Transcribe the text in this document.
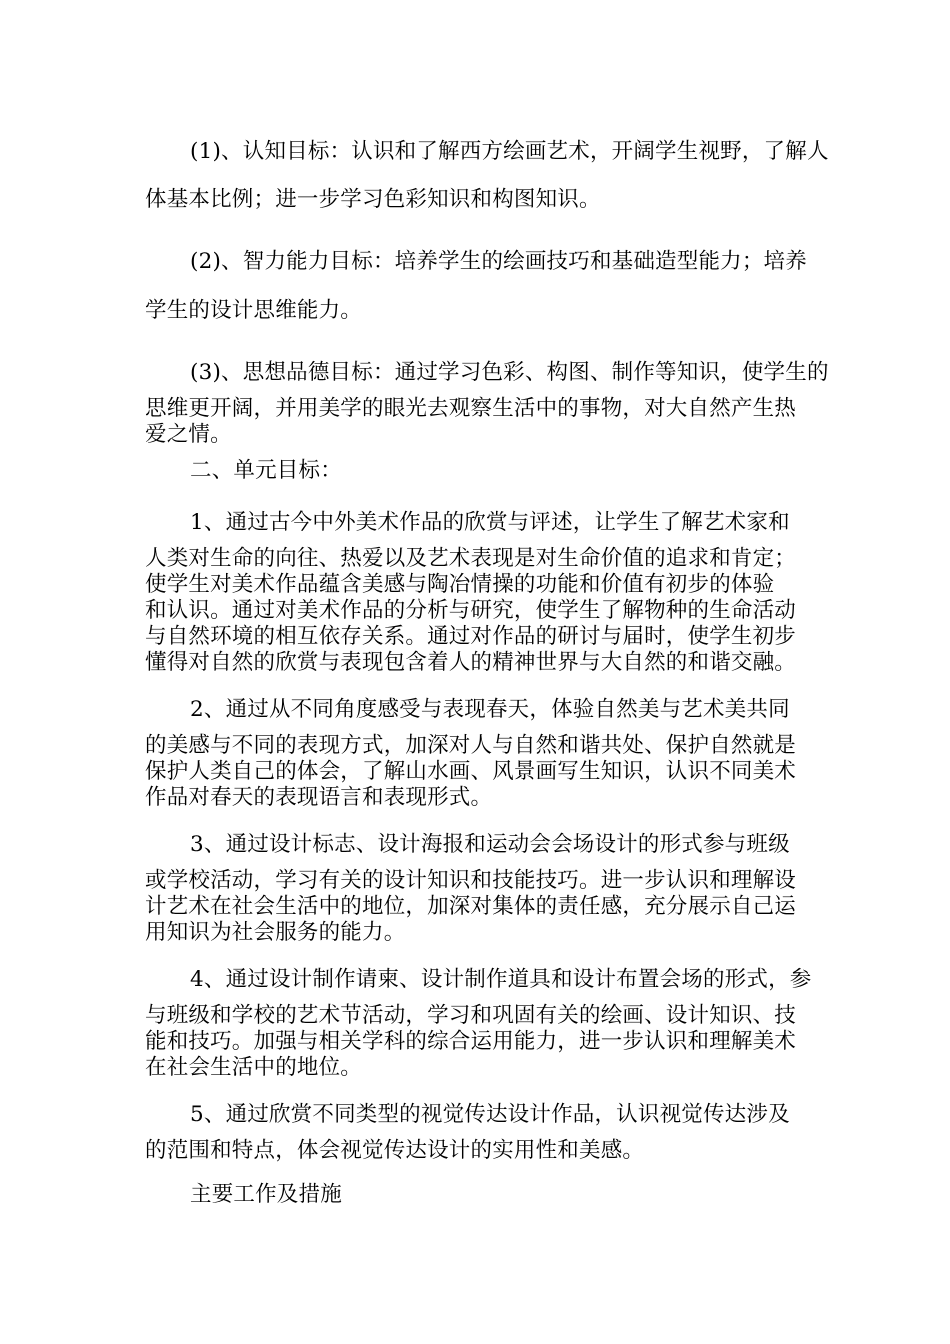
(1)、认知目标：认识和了解西方绘画艺术，开阔学生视野，了解人
体基本比例；进一步学习色彩知识和构图知识。
(2)、智力能力目标：培养学生的绘画技巧和基础造型能力；培养
学生的设计思维能力。
(3)、思想品德目标：通过学习色彩、构图、制作等知识，使学生的
思维更开阔，并用美学的眼光去观察生活中的事物，对大自然产生热
爱之情。
二、单元目标：
1、通过古今中外美术作品的欣赏与评述，让学生了解艺术家和
人类对生命的向往、热爱以及艺术表现是对生命价值的追求和肯定；
使学生对美术作品蕴含美感与陶冶情操的功能和价值有初步的体验
和认识。通过对美术作品的分析与研究，使学生了解物种的生命活动
与自然环境的相互依存关系。通过对作品的研讨与届时，使学生初步
懂得对自然的欣赏与表现包含着人的精神世界与大自然的和谐交融。
2、通过从不同角度感受与表现春天，体验自然美与艺术美共同
的美感与不同的表现方式，加深对人与自然和谐共处、保护自然就是
保护人类自己的体会，了解山水画、风景画写生知识，认识不同美术
作品对春天的表现语言和表现形式。
3、通过设计标志、设计海报和运动会会场设计的形式参与班级
或学校活动，学习有关的设计知识和技能技巧。进一步认识和理解设
计艺术在社会生活中的地位，加深对集体的责任感，充分展示自己运
用知识为社会服务的能力。
4、通过设计制作请柬、设计制作道具和设计布置会场的形式，参
与班级和学校的艺术节活动，学习和巩固有关的绘画、设计知识、技
能和技巧。加强与相关学科的综合运用能力，进一步认识和理解美术
在社会生活中的地位。
5、通过欣赏不同类型的视觉传达设计作品，认识视觉传达涉及
的范围和特点，体会视觉传达设计的实用性和美感。
主要工作及措施
